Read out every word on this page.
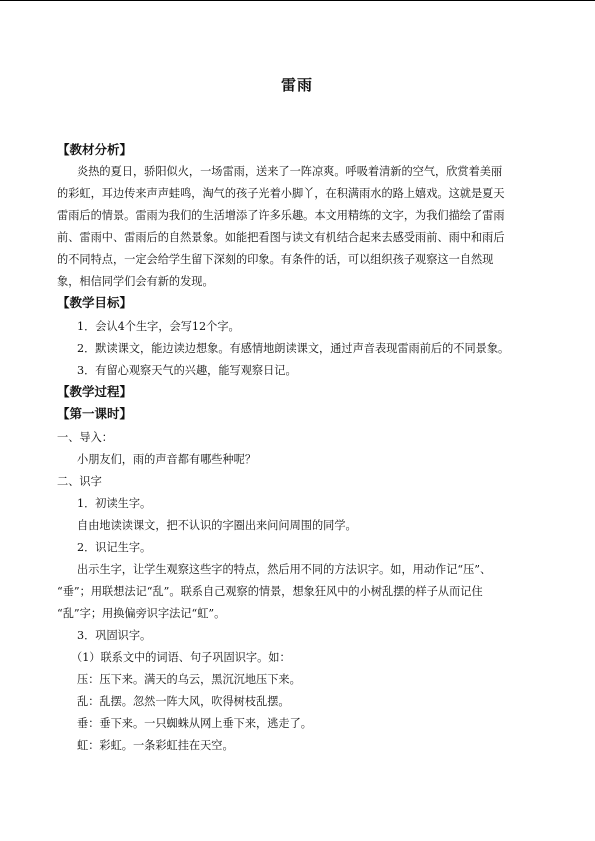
雷雨
【教材分析】
炎热的夏日，骄阳似火，一场雷雨，送来了一阵凉爽。呼吸着清新的空气，欣赏着美丽
的彩虹，耳边传来声声蛙鸣，淘气的孩子光着小脚丫，在积满雨水的路上嬉戏。这就是夏天
雷雨后的情景。雷雨为我们的生活增添了许多乐趣。本文用精练的文字，为我们描绘了雷雨
前、雷雨中、雷雨后的自然景象。如能把看图与读文有机结合起来去感受雨前、雨中和雨后
的不同特点，一定会给学生留下深刻的印象。有条件的话，可以组织孩子观察这一自然现
象，相信同学们会有新的发现。
【教学目标】
1．会认4个生字，会写12个字。
2．默读课文，能边读边想象。有感情地朗读课文，通过声音表现雷雨前后的不同景象。
3．有留心观察天气的兴趣，能写观察日记。
【教学过程】
【第一课时】
一、导入：
小朋友们，雨的声音都有哪些种呢？
二、识字
1．初读生字。
自由地读读课文，把不认识的字圈出来问问周围的同学。
2．识记生字。
出示生字，让学生观察这些字的特点，然后用不同的方法识字。如，用动作记“压”、
“垂”；用联想法记“乱”。联系自己观察的情景，想象狂风中的小树乱摆的样子从而记住
“乱”字；用换偏旁识字法记“虹”。
3．巩固识字。
（1）联系文中的词语、句子巩固识字。如：
压：压下来。满天的乌云，黑沉沉地压下来。
乱：乱摆。忽然一阵大风，吹得树枝乱摆。
垂：垂下来。一只蜘蛛从网上垂下来，逃走了。
虹：彩虹。一条彩虹挂在天空。
